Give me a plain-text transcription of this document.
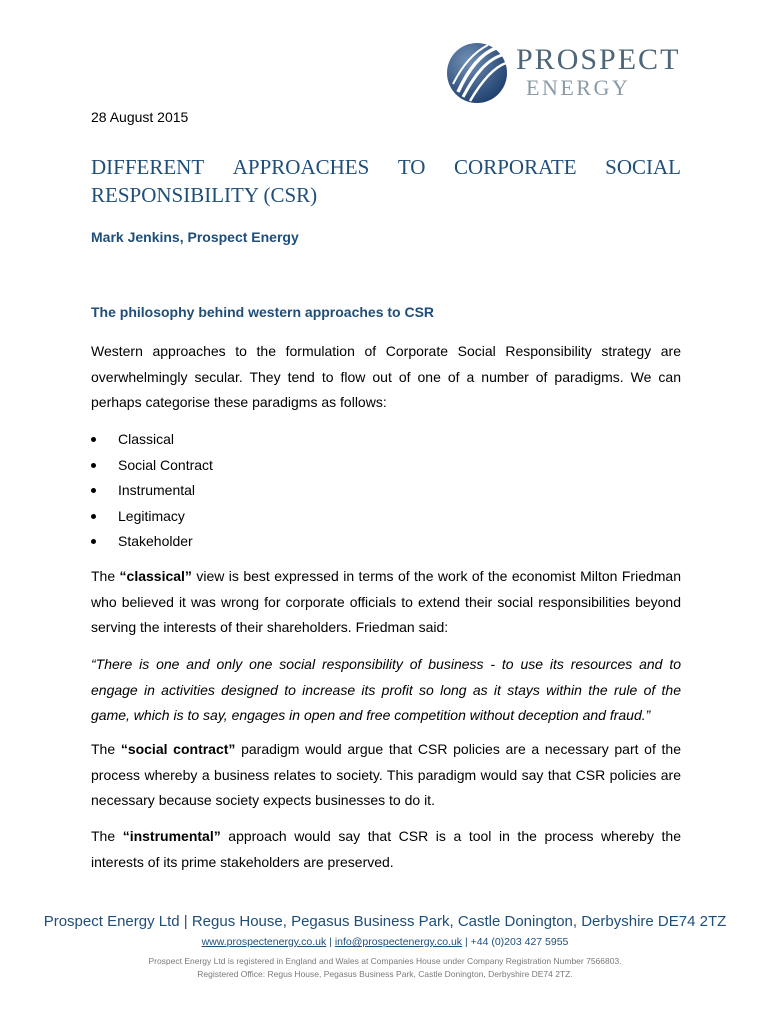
PROSPECT
ENERGY
28 August 2015
DIFFERENT APPROACHES TO CORPORATE SOCIAL
RESPONSIBILITY (CSR)
Mark Jenkins, Prospect Energy
The philosophy behind western approaches to CSR

Western approaches to the formulation of Corporate Social Responsibility strategy are overwhelmingly secular. They tend to flow out of one of a number of paradigms. We can perhaps categorise these paradigms as follows:

Classical
Social Contract
Instrumental
Legitimacy
Stakeholder

The “classical” view is best expressed in terms of the work of the economist Milton Friedman who believed it was wrong for corporate officials to extend their social responsibilities beyond serving the interests of their shareholders. Friedman said:

“There is one and only one social responsibility of business - to use its resources and to engage in activities designed to increase its profit so long as it stays within the rule of the game, which is to say, engages in open and free competition without deception and fraud.”

The “social contract” paradigm would argue that CSR policies are a necessary part of the process whereby a business relates to society. This paradigm would say that CSR policies are necessary because society expects businesses to do it.

The “instrumental” approach would say that CSR is a tool in the process whereby the interests of its prime stakeholders are preserved.

Prospect Energy Ltd | Regus House, Pegasus Business Park, Castle Donington, Derbyshire DE74 2TZ
www.prospectenergy.co.uk | info@prospectenergy.co.uk | +44 (0)203 427 5955
Prospect Energy Ltd is registered in England and Wales at Companies House under Company Registration Number 7566803.
Registered Office: Regus House, Pegasus Business Park, Castle Donington, Derbyshire DE74 2TZ.
